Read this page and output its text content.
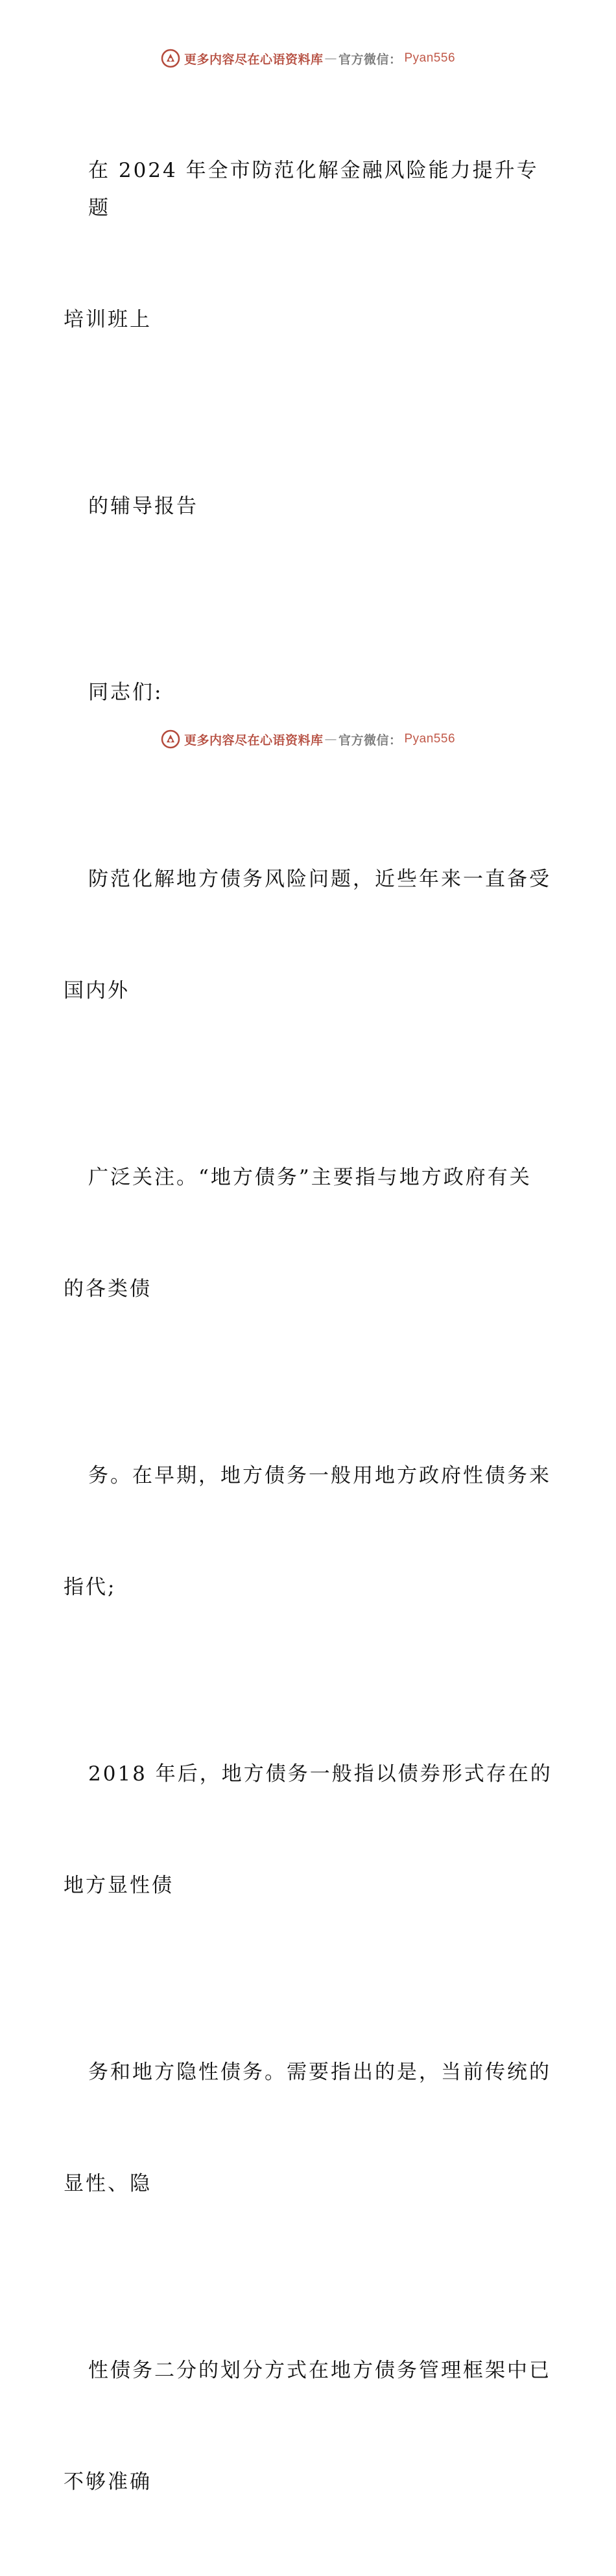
更多内容尽在心语资料库 — 官方微信： Pyan556

在 2024 年全市防范化解金融风险能力提升专题

培训班上

的辅导报告

同志们:

防范化解地方债务风险问题，近些年来一直备受

国内外

广泛关注。“地方债务”主要指与地方政府有关

的各类债

务。在早期，地方债务一般用地方政府性债务来

指代;

2018 年后，地方债务一般指以债券形式存在的

地方显性债

务和地方隐性债务。需要指出的是，当前传统的

显性、隐

性债务二分的划分方式在地方债务管理框架中已

不够准确

更多内容尽在心语资料库 — 官方微信： Pyan556
